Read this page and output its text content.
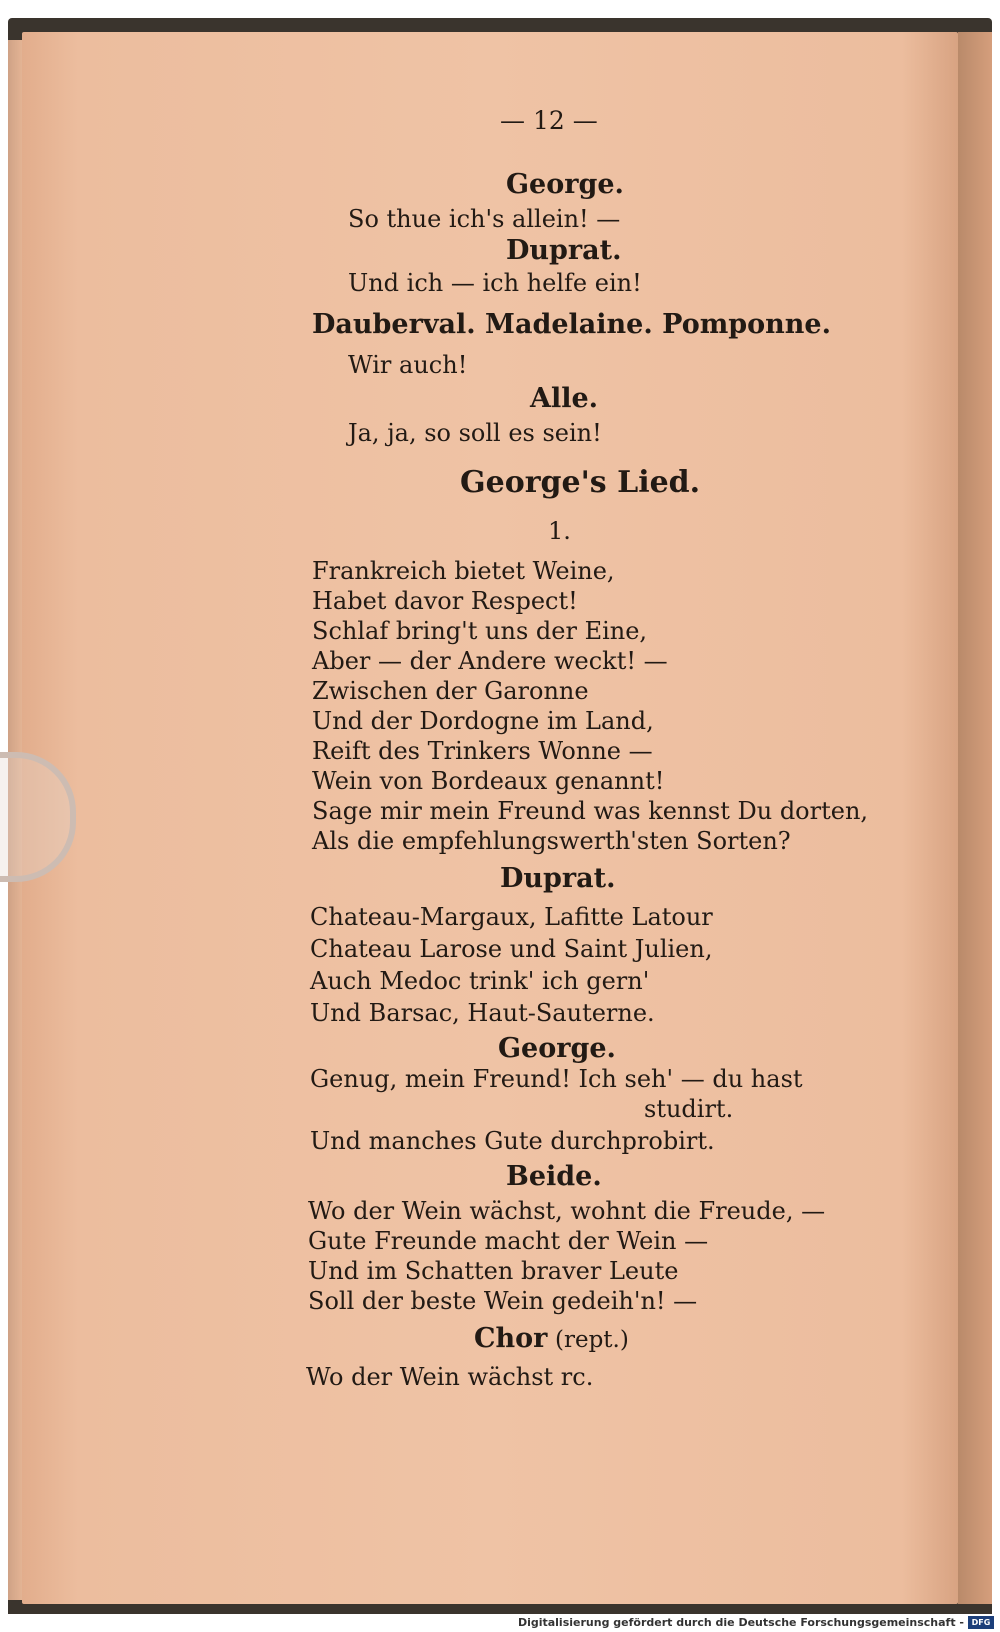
— 12 —
George.
So thue ich's allein! —
Duprat.
Und ich — ich helfe ein!
Dauberval. Madelaine. Pomponne.
Wir auch!
Alle.
Ja, ja, so soll es sein!
George's Lied.
1.
Frankreich bietet Weine,
Habet davor Respect!
Schlaf bring't uns der Eine,
Aber — der Andere weckt! —
Zwischen der Garonne
Und der Dordogne im Land,
Reift des Trinkers Wonne —
Wein von Bordeaux genannt!
Sage mir mein Freund was kennst Du dorten,
Als die empfehlungswerth'sten Sorten?
Duprat.
Chateau-Margaux, Lafitte Latour
Chateau Larose und Saint Julien,
Auch Medoc trink' ich gern'
Und Barsac, Haut-Sauterne.
George.
Genug, mein Freund! Ich seh' — du hast
studirt.
Und manches Gute durchprobirt.
Beide.
Wo der Wein wächst, wohnt die Freude, —
Gute Freunde macht der Wein —
Und im Schatten braver Leute
Soll der beste Wein gedeih'n! —
Chor (rept.)
Wo der Wein wächst rc.
Digitalisierung gefördert durch die Deutsche Forschungsgemeinschaft - DFG
